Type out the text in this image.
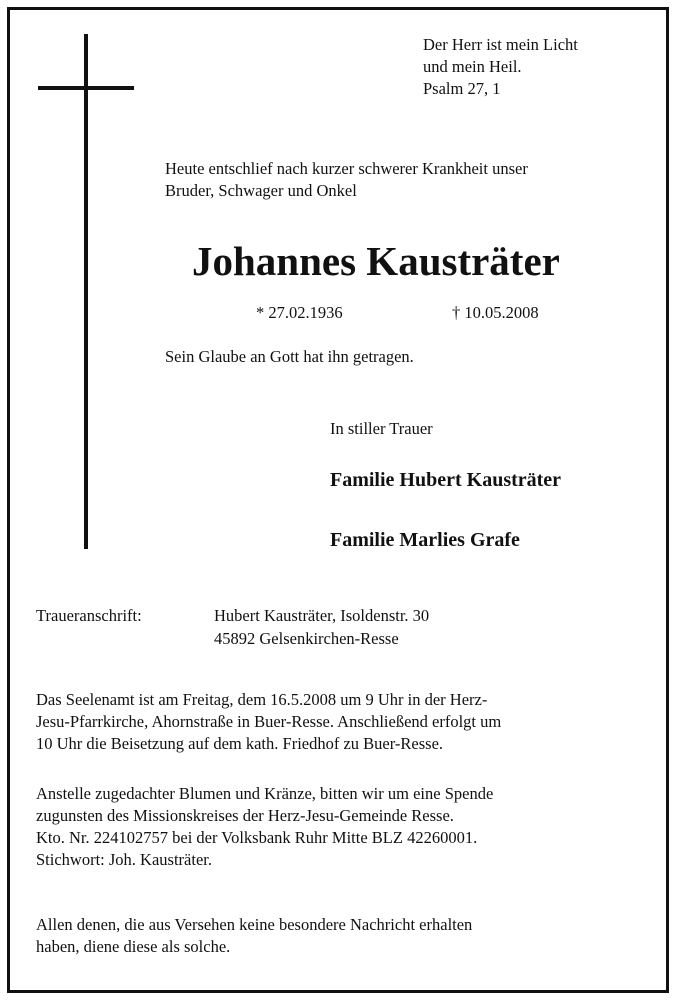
Der Herr ist mein Licht
und mein Heil.
Psalm 27, 1
Heute entschlief nach kurzer schwerer Krankheit unser
Bruder, Schwager und Onkel
Johannes Kausträter
* 27.02.1936	† 10.05.2008
Sein Glaube an Gott hat ihn getragen.
In stiller Trauer
Familie Hubert Kausträter
Familie Marlies Grafe
Traueranschrift:	Hubert Kausträter, Isoldenstr. 30
45892 Gelsenkirchen-Resse
Das Seelenamt ist am Freitag, dem 16.5.2008 um 9 Uhr in der Herz-
Jesu-Pfarrkirche, Ahornstraße in Buer-Resse. Anschließend erfolgt um
10 Uhr die Beisetzung auf dem kath. Friedhof zu Buer-Resse.
Anstelle zugedachter Blumen und Kränze, bitten wir um eine Spende
zugunsten des Missionskreises der Herz-Jesu-Gemeinde Resse.
Kto. Nr. 224102757 bei der Volksbank Ruhr Mitte BLZ 42260001.
Stichwort: Joh. Kausträter.
Allen denen, die aus Versehen keine besondere Nachricht erhalten
haben, diene diese als solche.
